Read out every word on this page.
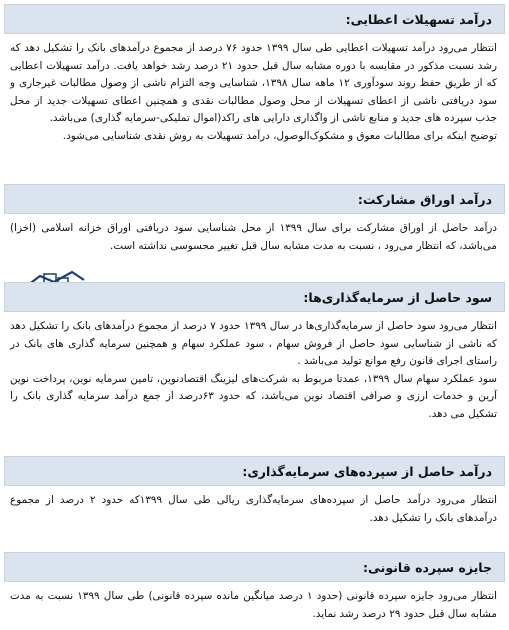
درآمد تسهیلات اعطایی:

انتظار می‌رود درآمد تسهیلات اعطایی طی سال ۱۳۹۹ حدود ۷۶ درصد از مجموع درآمدهای بانک را تشکیل دهد که رشد نسبت مذکور در مقایسه با دوره مشابه سال قبل حدود ۲۱ درصد رشد خواهد یافت. درآمد تسهیلات اعطایی که از طریق حفظ روند سودآوری ۱۲ ماهه سال ۱۳۹۸، شناسایی وجه التزام ناشی از وصول مطالبات غیرجاری و سود دریافتی ناشی از اعطای تسهیلات از محل وصول مطالبات نقدی و همچنین اعطای تسهیلات جدید از محل جذب سپرده های جدید و منابع ناشی از واگذاری دارایی های راکد(اموال تملیکی-سرمایه گذاری) می‌باشد.

توضیح اینکه برای مطالبات معوق و مشکوک‌الوصول، درآمد تسهیلات به روش نقدی شناسایی می‌شود.

درآمد اوراق مشارکت:

درآمد حاصل از اوراق مشارکت برای سال ۱۳۹۹ از محل شناسایی سود دریافتی اوراق خزانه اسلامی (اخزا) می‌باشد، که انتظار می‌رود ، نسبت به مدت مشابه سال قبل تغییر محسوسی نداشته است.

سود حاصل از سرمایه‌گذاری‌ها:

انتظار می‌رود سود حاصل از سرمایه‌گذاری‌ها در سال ۱۳۹۹ حدود ۷ درصد از مجموع درآمدهای بانک را تشکیل دهد که ناشی از شناسایی سود حاصل از فروش سهام ، سود عملکرد سهام و همچنین سرمایه گذاری های بانک در راستای اجرای قانون رفع موانع تولید می‌باشد .

سود عملکرد سهام سال ۱۳۹۹، عمدتا مربوط به شرکت‌های لیزینگ اقتصادنوین، تامین سرمایه نوین، پرداخت نوین آرین و خدمات ارزی و صرافی اقتصاد نوین می‌باشد، که حدود ۶۳درصد از جمع درآمد سرمایه گذاری بانک را تشکیل می دهد.

درآمد حاصل از سپرده‌های سرمایه‌گذاری:

انتظار می‌رود درآمد حاصل از سپرده‌های سرمایه‌گذاری ریالی طی سال ۱۳۹۹که حدود ۲ درصد از مجموع درآمدهای بانک را تشکیل دهد.

جایزه سپرده قانونی:

انتظار می‌رود جایزه سپرده قانونی (حدود ۱ درصد میانگین مانده سپرده قانونی) طی سال ۱۳۹۹ نسبت به مدت مشابه سال قبل حدود ۲۹ درصد رشد نماید.
